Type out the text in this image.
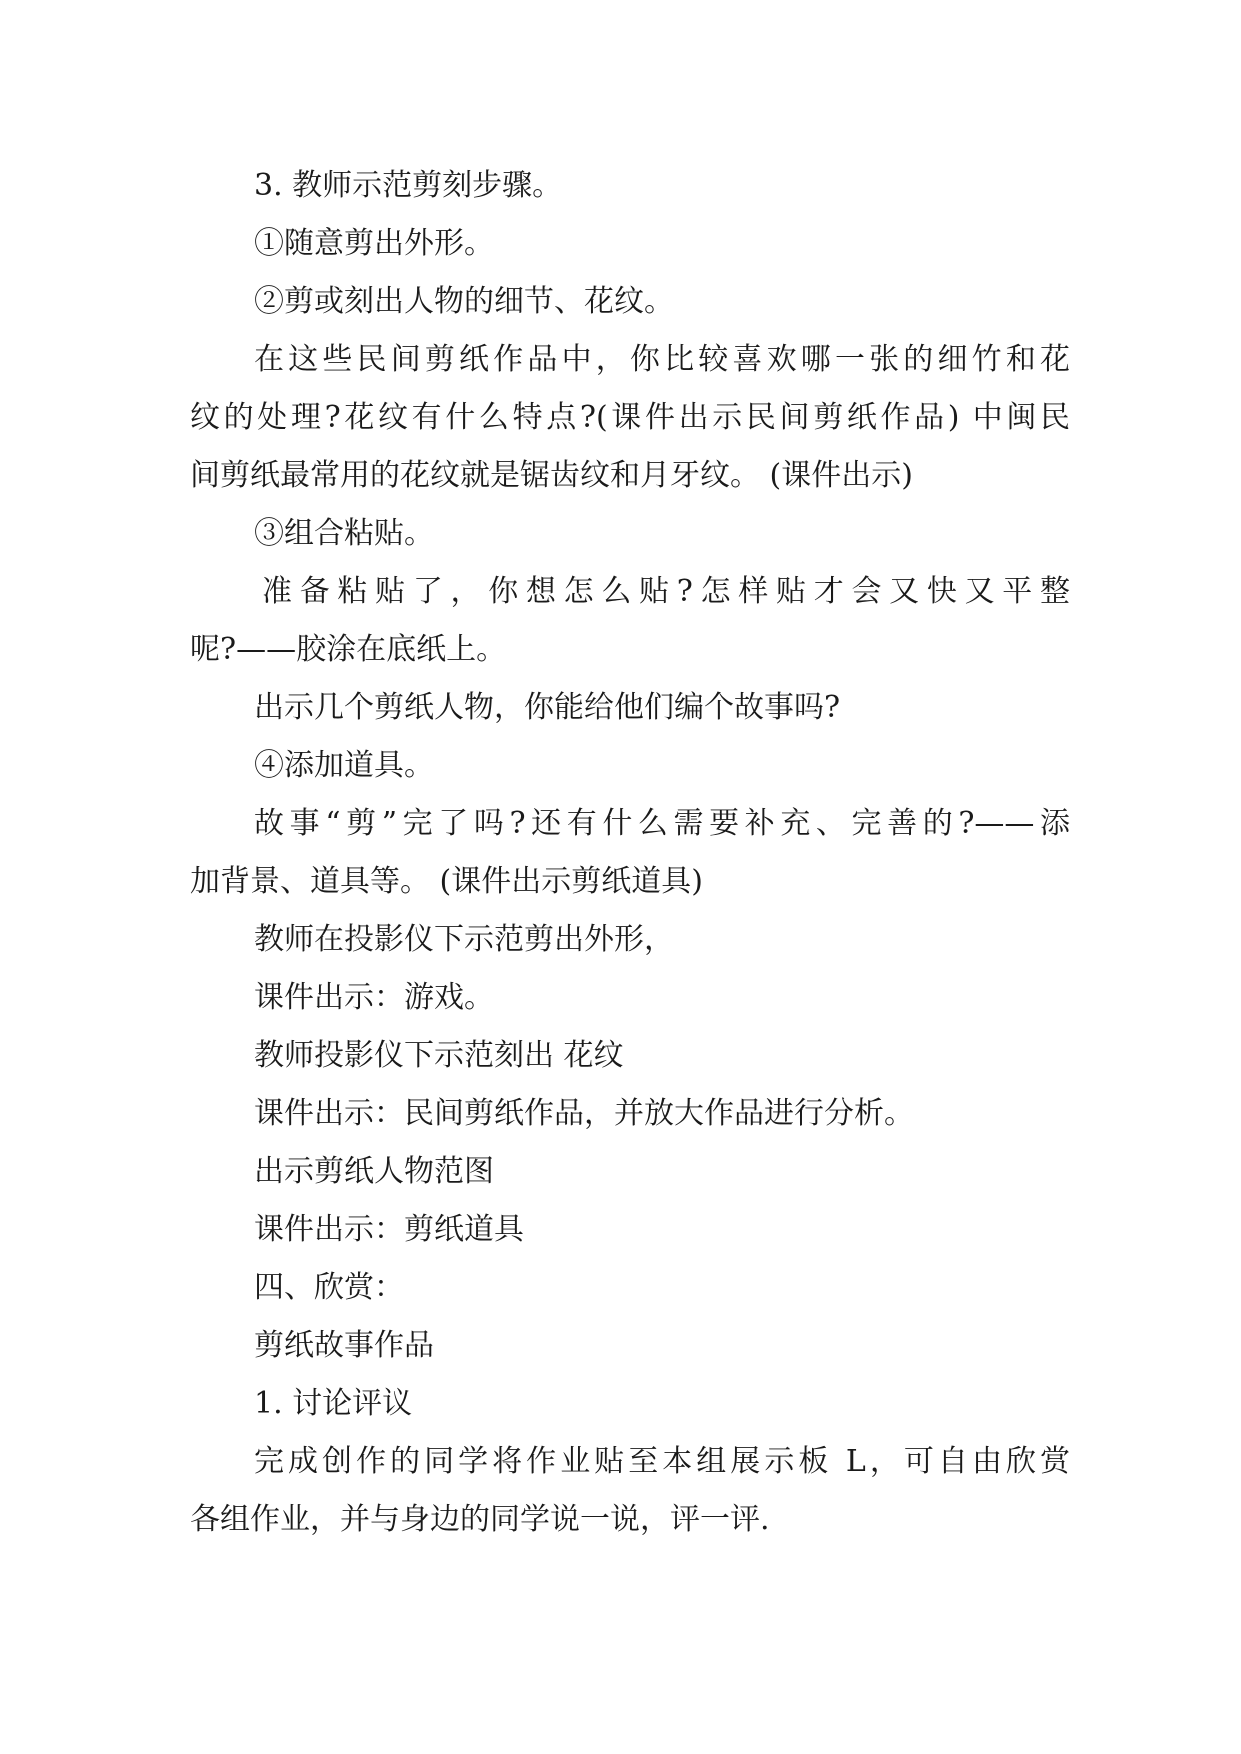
3. 教师示范剪刻步骤。
①随意剪出外形。
②剪或刻出人物的细节、花纹。
在这些民间剪纸作品中，你比较喜欢哪一张的细竹和花
纹的处理?花纹有什么特点?(课件出示民间剪纸作品) 中闽民
间剪纸最常用的花纹就是锯齿纹和月牙纹。 (课件出示)
③组合粘贴。
准备粘贴了，你想怎么贴?怎样贴才会又快又平整
呢?——胶涂在底纸上。
出示几个剪纸人物，你能给他们编个故事吗?
④添加道具。
故事“剪”完了吗?还有什么需要补充、完善的?——添
加背景、道具等。 (课件出示剪纸道具)
教师在投影仪下示范剪出外形，
课件出示：游戏。
教师投影仪下示范刻出 花纹
课件出示：民间剪纸作品，并放大作品进行分析。
出示剪纸人物范图
课件出示：剪纸道具
四、欣赏：
剪纸故事作品
1. 讨论评议
完成创作的同学将作业贴至本组展示板 L，可自由欣赏
各组作业，并与身边的同学说一说，评一评.
